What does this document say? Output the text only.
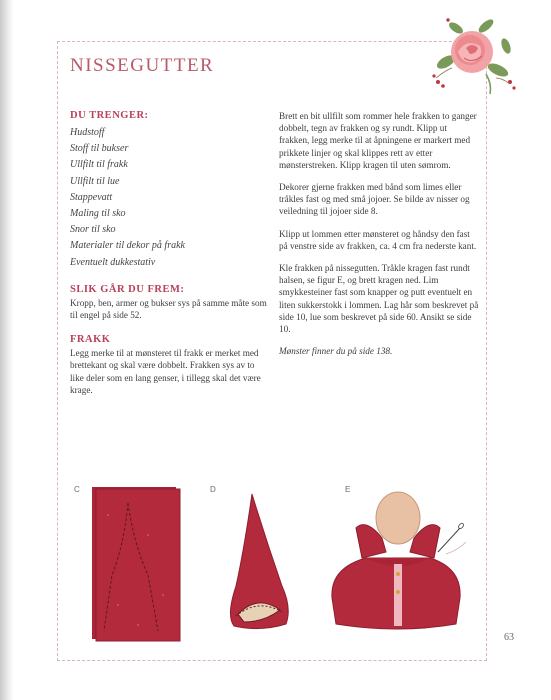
NISSEGUTTER

DU TRENGER:

Hudstoff
Stoff til bukser
Ullfilt til frakk
Ullfilt til lue
Stappevatt
Maling til sko
Snor til sko
Materialer til dekor på frakk
Eventuelt dukkestativ

SLIK GÅR DU FREM:

Kropp, ben, armer og bukser sys på samme måte som til engel på side 52.

FRAKK

Legg merke til at mønsteret til frakk er merket med brettekant og skal være dobbelt. Frakken sys av to like deler som en lang genser, i tillegg skal det være krage.

Brett en bit ullfilt som rommer hele frakken to ganger dobbelt, tegn av frakken og sy rundt. Klipp ut frakken, legg merke til at åpningene er markert med prikkete linjer og skal klippes rett av etter mønsterstreken. Klipp kragen til uten sømrom.

Dekorer gjerne frakken med bånd som limes eller tråkles fast og med små jojoer. Se bilde av nisser og veiledning til jojoer side 8.

Klipp ut lommen etter mønsteret og håndsy den fast på venstre side av frakken, ca. 4 cm fra nederste kant.

Kle frakken på nissegutten. Tråkle kragen fast rundt halsen, se figur E, og brett kragen ned. Lim smykkesteiner fast som knapper og putt eventuelt en liten sukkerstokk i lommen. Lag hår som beskrevet på side 10, lue som beskrevet på side 60. Ansikt se side 10.

Mønster finner du på side 138.

C	D	E
63
